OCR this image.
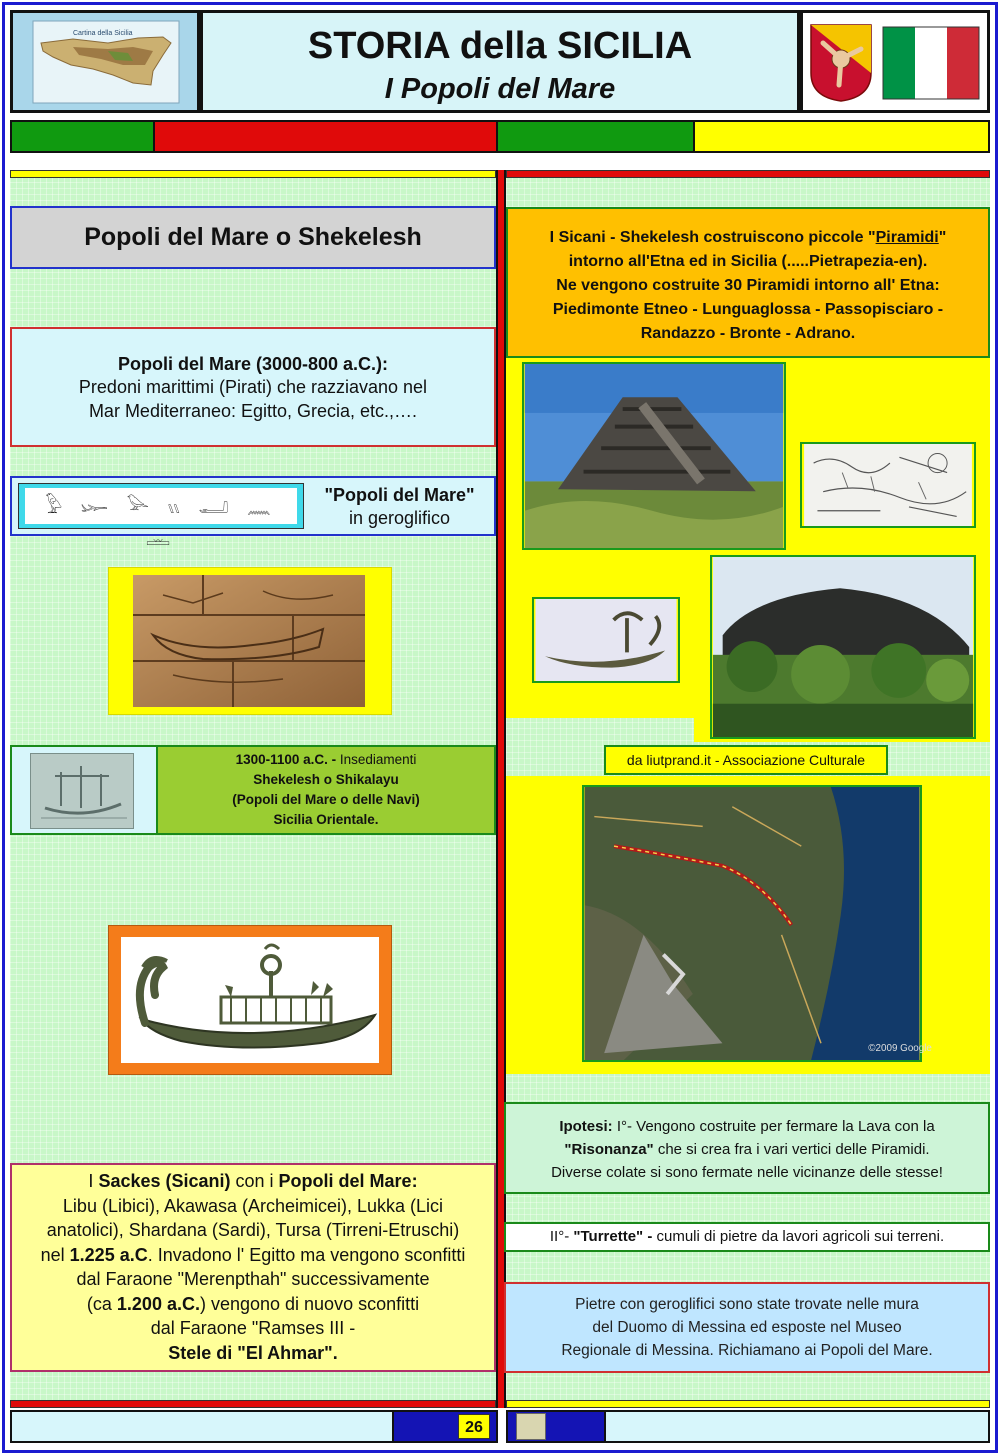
Cartina della Sicilia	STORIA della SICILIA
I Popoli del Mare
Popoli del Mare o Shekelesh
Popoli del Mare (3000-800 a.C.):
Predoni marittimi (Pirati) che razziavano nel
Mar Mediterraneo: Egitto, Grecia, etc.,….
𓅱 𓆱 𓅪 𓏭 𓂝 𓈖 𓏛
"Popoli del Mare"
in geroglifico
1300-1100 a.C. - Insediamenti
Shekelesh o Shikalayu
(Popoli del Mare o delle Navi)
Sicilia Orientale.
I Sackes (Sicani) con i Popoli del Mare:
Libu (Libici), Akawasa (Archeimicei), Lukka (Lici
anatolici), Shardana (Sardi), Tursa (Tirreni-Etruschi)
nel 1.225 a.C. Invadono l' Egitto ma vengono sconfitti
dal Faraone "Merenpthah" successivamente
(ca 1.200 a.C.) vengono di nuovo sconfitti
dal Faraone "Ramses III -
Stele di "El Ahmar".
I Sicani - Shekelesh costruiscono piccole "Piramidi"
intorno all'Etna ed in Sicilia (.....Pietrapezia-en).
Ne vengono costruite 30 Piramidi intorno all' Etna:
Piedimonte Etneo - Lunguaglossa - Passopisciaro -
Randazzo - Bronte - Adrano.
da liutprand.it - Associazione Culturale
©2009 Google
Ipotesi: I°- Vengono costruite per fermare la Lava con la
"Risonanza" che si crea fra i vari vertici delle Piramidi.
Diverse colate si sono fermate nelle vicinanze delle stesse!
II°- "Turrette" - cumuli di pietre da lavori agricoli sui terreni.
Pietre con geroglifici sono state trovate nelle mura
del Duomo di Messina ed esposte nel Museo
Regionale di Messina. Richiamano ai Popoli del Mare.
26
